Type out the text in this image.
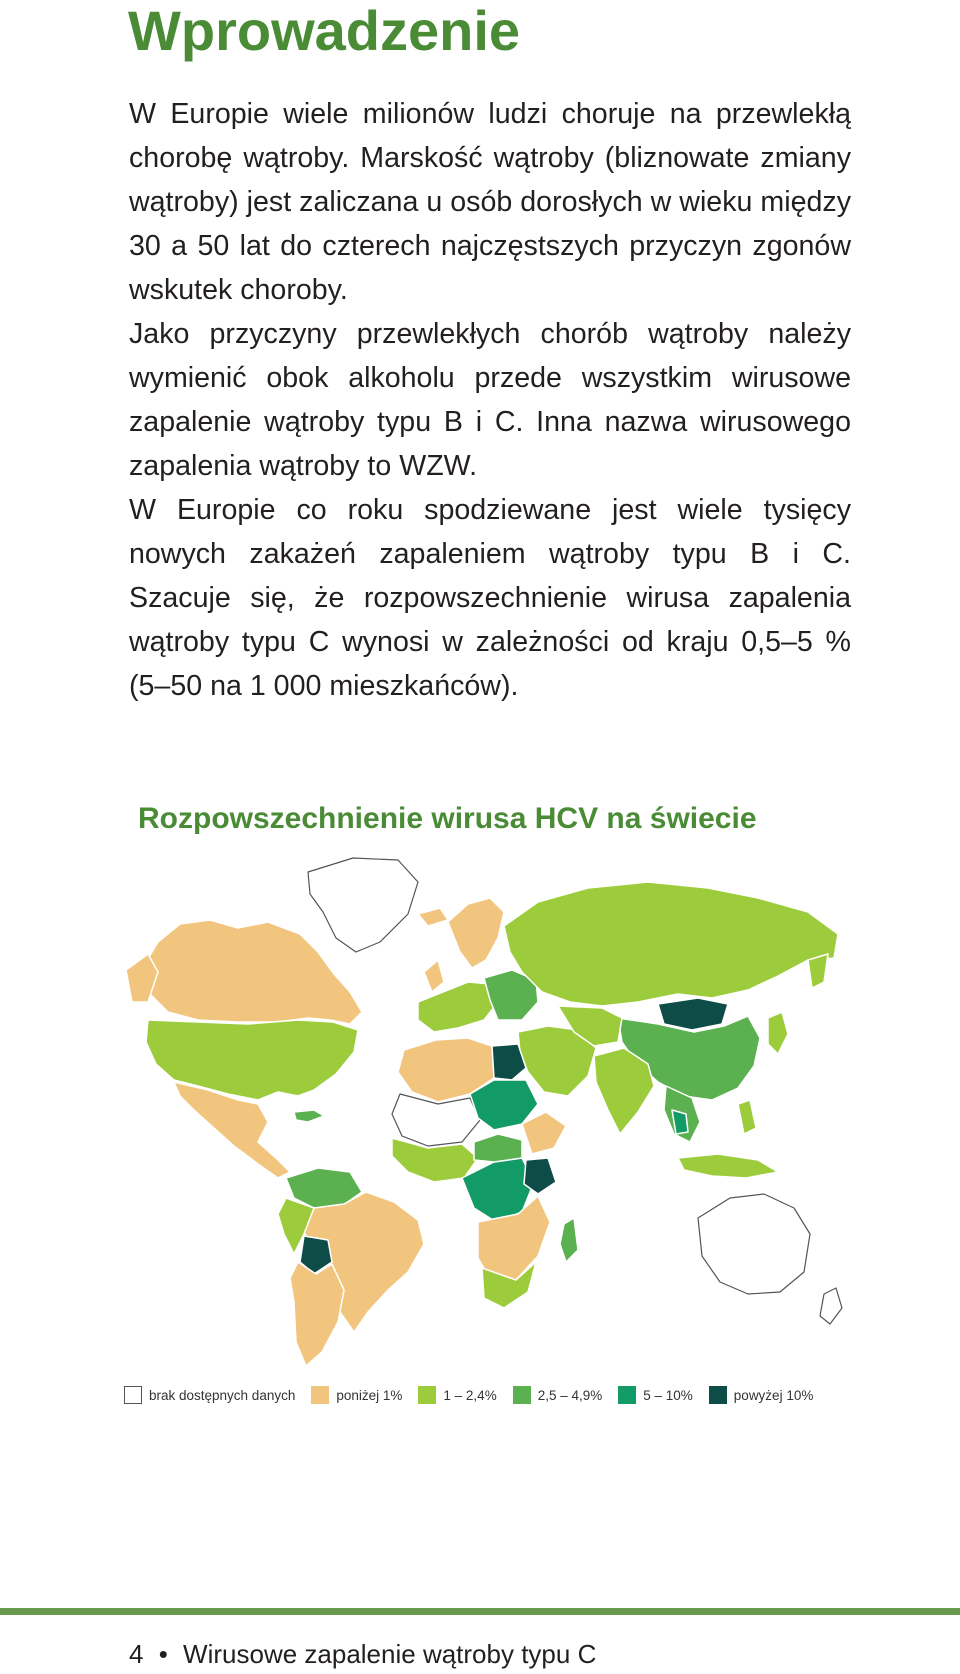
Wprowadzenie

W Europie wiele milionów ludzi choruje na przewlekłą chorobę wątroby. Marskość wątroby (bliznowate zmiany wątroby) jest zaliczana u osób dorosłych w wieku między 30 a 50 lat do czterech najczęstszych przyczyn zgonów wskutek choroby.

Jako przyczyny przewlekłych chorób wątroby należy wymienić obok alkoholu przede wszystkim wirusowe zapalenie wątroby typu B i C. Inna nazwa wirusowego zapalenia wątroby to WZW.

W Europie co roku spodziewane jest wiele tysięcy nowych zakażeń zapaleniem wątroby typu B i C. Szacuje się, że rozpowszechnienie wirusa zapalenia wątroby typu C wynosi w zależności od kraju 0,5–5 % (5–50 na 1 000 mieszkańców).

Rozpowszechnienie wirusa HCV na świecie
brak dostępnych danych	poniżej 1%	1 – 2,4%	2,5 – 4,9%	5 – 10%	powyżej 10%
4 • Wirusowe zapalenie wątroby typu C
